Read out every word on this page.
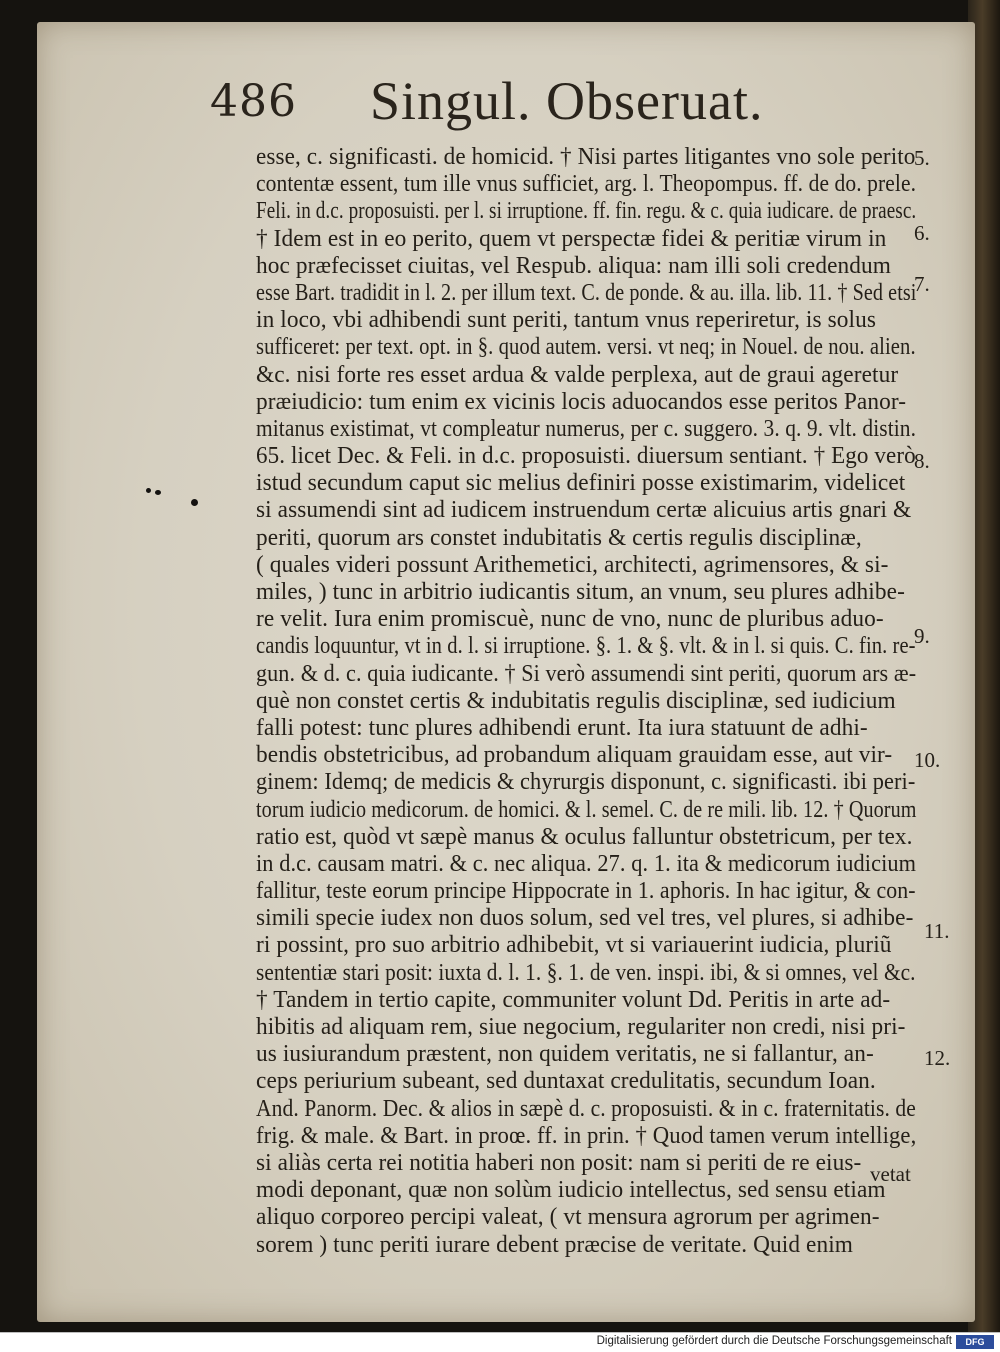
486 Singul. Obseruat.
esse, c. significasti. de homicid. † Nisi partes litigantes vno sole perito
contentæ essent, tum ille vnus sufficiet, arg. l. Theopompus. ff. de do. prele.
Feli. in d.c. proposuisti. per l. si irruptione. ff. fin. regu. & c. quia iudicare. de praesc.
† Idem est in eo perito, quem vt perspectæ fidei & peritiæ virum in
hoc præfecisset ciuitas, vel Respub. aliqua: nam illi soli credendum
esse Bart. tradidit in l. 2. per illum text. C. de ponde. & au. illa. lib. 11. † Sed etsi
in loco, vbi adhibendi sunt periti, tantum vnus reperiretur, is solus
sufficeret: per text. opt. in §. quod autem. versi. vt neq; in Nouel. de nou. alien.
&c. nisi forte res esset ardua & valde perplexa, aut de graui ageretur
præiudicio: tum enim ex vicinis locis aduocandos esse peritos Panor-
mitanus existimat, vt compleatur numerus, per c. suggero. 3. q. 9. vlt. distin.
65. licet Dec. & Feli. in d.c. proposuisti. diuersum sentiant. † Ego verò
istud secundum caput sic melius definiri posse existimarim, videlicet
si assumendi sint ad iudicem instruendum certæ alicuius artis gnari &
periti, quorum ars constet indubitatis & certis regulis disciplinæ,
( quales videri possunt Arithemetici, architecti, agrimensores, & si-
miles, ) tunc in arbitrio iudicantis situm, an vnum, seu plures adhibe-
re velit. Iura enim promiscuè, nunc de vno, nunc de pluribus aduo-
candis loquuntur, vt in d. l. si irruptione. §. 1. & §. vlt. & in l. si quis. C. fin. re-
gun. & d. c. quia iudicante. † Si verò assumendi sint periti, quorum ars æ-
què non constet certis & indubitatis regulis disciplinæ, sed iudicium
falli potest: tunc plures adhibendi erunt. Ita iura statuunt de adhi-
bendis obstetricibus, ad probandum aliquam grauidam esse, aut vir-
ginem: Idemq; de medicis & chyrurgis disponunt, c. significasti. ibi peri-
torum iudicio medicorum. de homici. & l. semel. C. de re mili. lib. 12. † Quorum
ratio est, quòd vt sæpè manus & oculus falluntur obstetricum, per tex.
in d.c. causam matri. & c. nec aliqua. 27. q. 1. ita & medicorum iudicium
fallitur, teste eorum principe Hippocrate in 1. aphoris. In hac igitur, & con-
simili specie iudex non duos solum, sed vel tres, vel plures, si adhibe-
ri possint, pro suo arbitrio adhibebit, vt si variauerint iudicia, pluriũ
sententiæ stari posit: iuxta d. l. 1. §. 1. de ven. inspi. ibi, & si omnes, vel &c.
† Tandem in tertio capite, communiter volunt Dd. Peritis in arte ad-
hibitis ad aliquam rem, siue negocium, regulariter non credi, nisi pri-
us iusiurandum præstent, non quidem veritatis, ne si fallantur, an-
ceps periurium subeant, sed duntaxat credulitatis, secundum Ioan.
And. Panorm. Dec. & alios in sæpè d. c. proposuisti. & in c. fraternitatis. de
frig. & male. & Bart. in proœ. ff. in prin. † Quod tamen verum intellige,
si aliàs certa rei notitia haberi non posit: nam si periti de re eius-
modi deponant, quæ non solùm iudicio intellectus, sed sensu etiam
aliquo corporeo percipi valeat, ( vt mensura agrorum per agrimen-
sorem ) tunc periti iurare debent præcise de veritate. Quid enim
5.
6.
7.
8.
9.
10.
11.
12.
vetat
Digitalisierung gefördert durch die Deutsche Forschungsgemeinschaft	DFG
